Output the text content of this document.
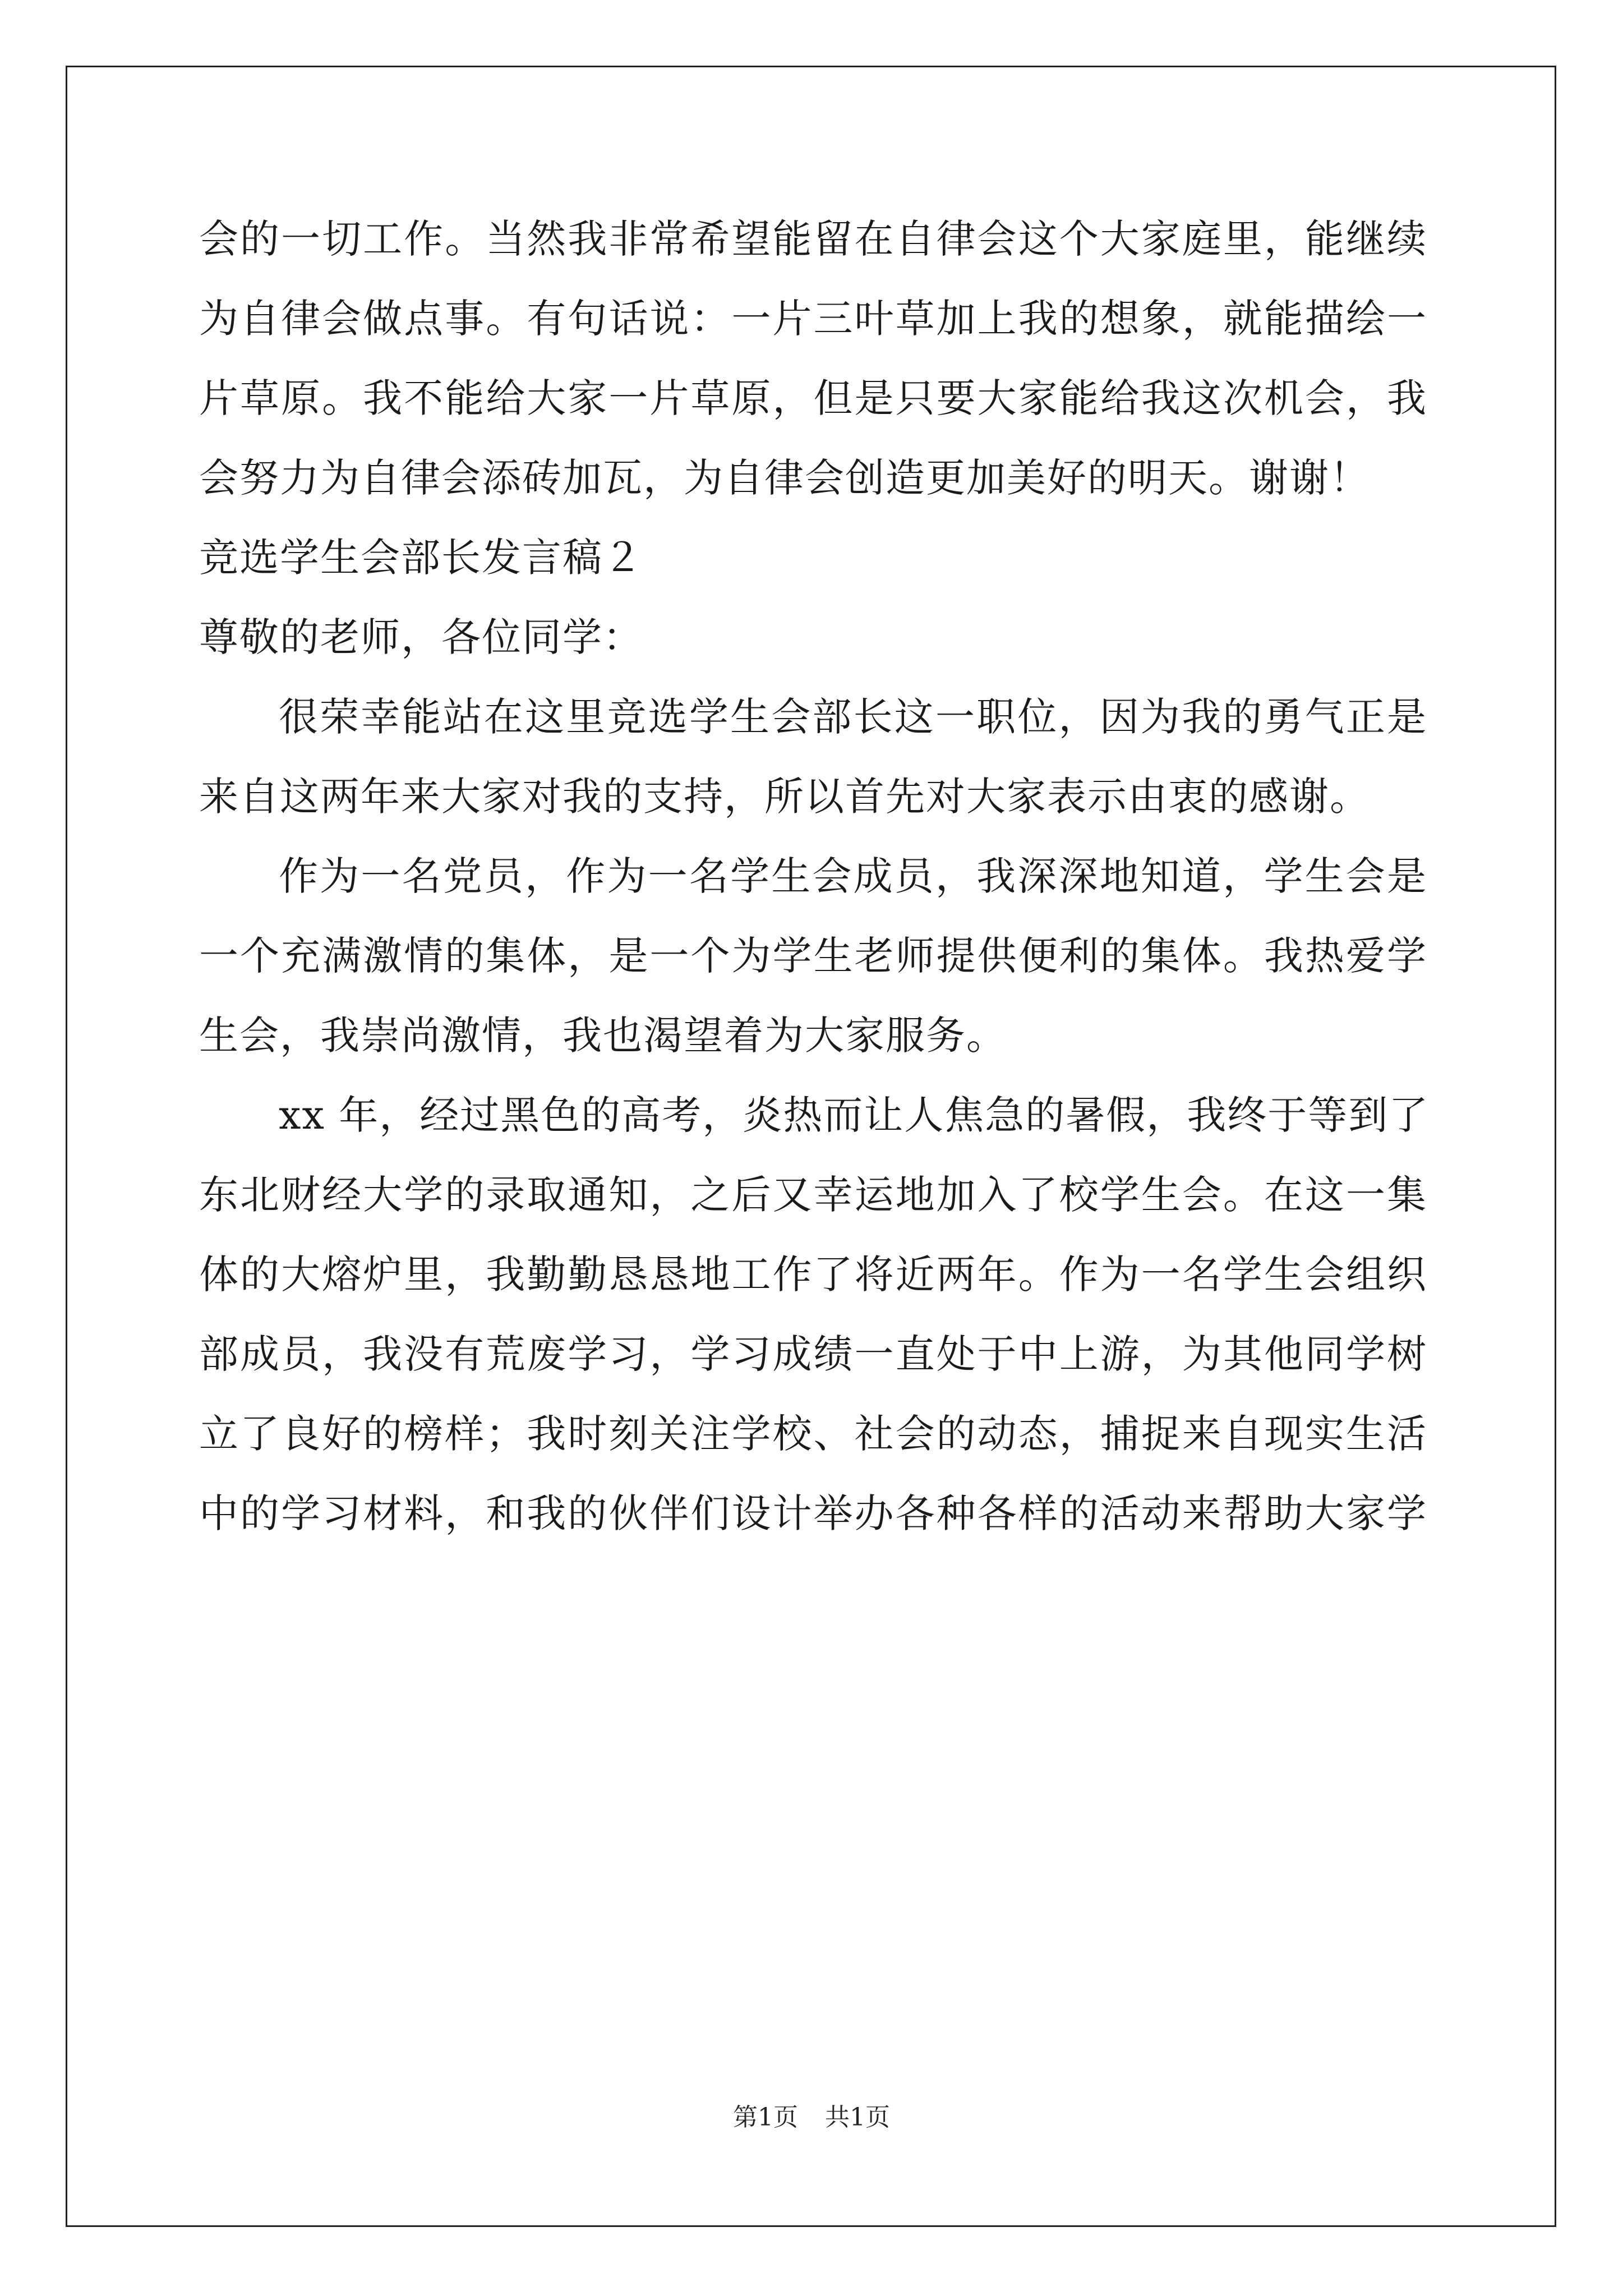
会的一切工作。当然我非常希望能留在自律会这个大家庭里，能继续
为自律会做点事。有句话说：一片三叶草加上我的想象，就能描绘一
片草原。我不能给大家一片草原，但是只要大家能给我这次机会，我
会努力为自律会添砖加瓦，为自律会创造更加美好的明天。谢谢！
竞选学生会部长发言稿２
尊敬的老师，各位同学：
很荣幸能站在这里竞选学生会部长这一职位，因为我的勇气正是
来自这两年来大家对我的支持，所以首先对大家表示由衷的感谢。
作为一名党员，作为一名学生会成员，我深深地知道，学生会是
一个充满激情的集体，是一个为学生老师提供便利的集体。我热爱学
生会，我崇尚激情，我也渴望着为大家服务。
xx 年，经过黑色的高考，炎热而让人焦急的暑假，我终于等到了
东北财经大学的录取通知，之后又幸运地加入了校学生会。在这一集
体的大熔炉里，我勤勤恳恳地工作了将近两年。作为一名学生会组织
部成员，我没有荒废学习，学习成绩一直处于中上游，为其他同学树
立了良好的榜样；我时刻关注学校、社会的动态，捕捉来自现实生活
中的学习材料，和我的伙伴们设计举办各种各样的活动来帮助大家学
第1页 共1页
